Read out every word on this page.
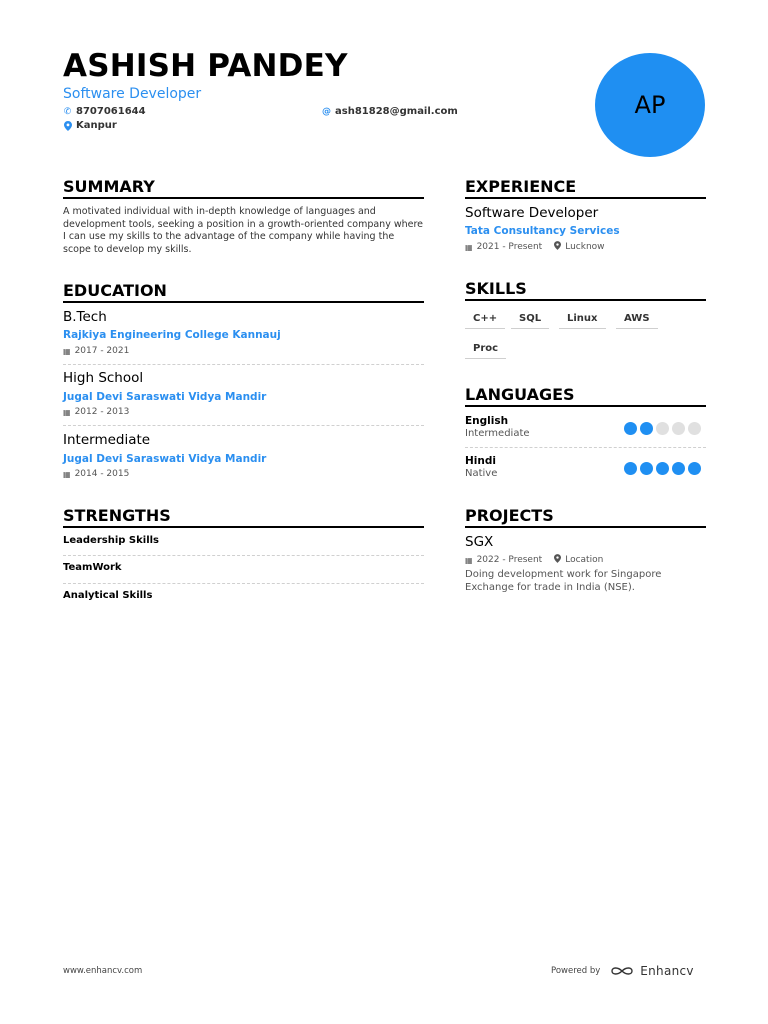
ASHISH PANDEY
Software Developer
✆ 8707061644	@ ash81828@gmail.com
Kanpur
AP
SUMMARY
A motivated individual with in-depth knowledge of languages and development tools, seeking a position in a growth-oriented company where I can use my skills to the advantage of the company while having the scope to develop my skills.
EDUCATION
B.Tech
Rajkiya Engineering College Kannauj
▦ 2017 - 2021
High School
Jugal Devi Saraswati Vidya Mandir
▦ 2012 - 2013
Intermediate
Jugal Devi Saraswati Vidya Mandir
▦ 2014 - 2015
STRENGTHS
Leadership Skills
TeamWork
Analytical Skills
EXPERIENCE
Software Developer
Tata Consultancy Services
▦ 2021 - Present	Lucknow
SKILLS
C++	SQL	Linux	AWS
Proc
LANGUAGES
English
Intermediate
Hindi
Native
PROJECTS
SGX
▦ 2022 - Present	Location
Doing development work for Singapore Exchange for trade in India (NSE).
www.enhancv.com	Powered by	Enhancv
